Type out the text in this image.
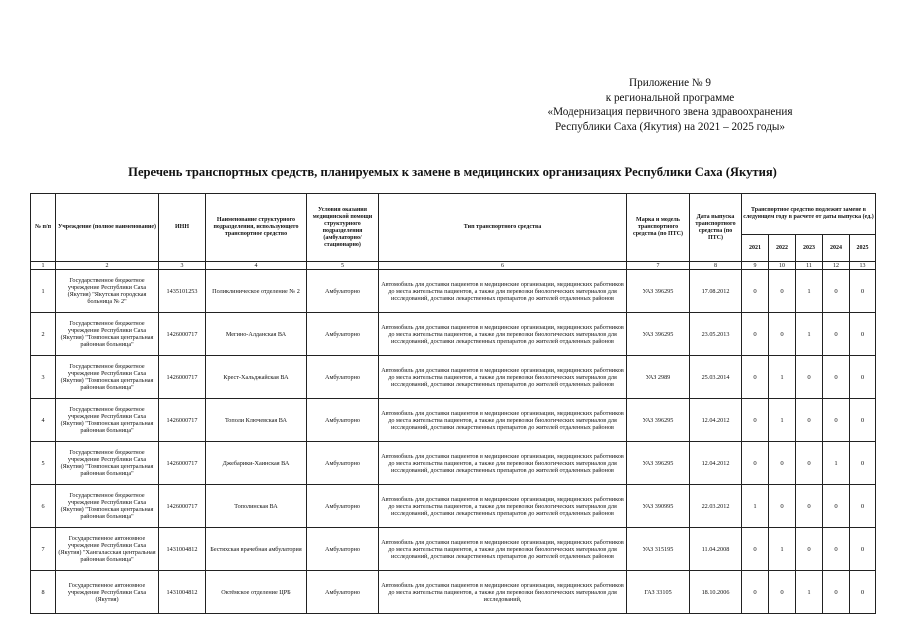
Приложение № 9
к региональной программе
«Модернизация первичного звена здравоохранения
Республики Саха (Якутия) на 2021 – 2025 годы»
Перечень транспортных средств, планируемых к замене в медицинских организациях Республики Саха (Якутия)
№ п/п	Учреждение (полное наименование)	ИНН	Наименование структурного подразделения, использующего транспортное средство	Условия оказания медицинской помощи структурного подразделения (амбулаторно/ стационарно)	Тип транспортного средства	Марка и модель транспортного средства (по ПТС)	Дата выпуска транспортного средства (по ПТС)	Транспортное средство подлежит замене в следующем году в расчете от даты выпуска (ед.)				
								2021	2022	2023	2024	2025
1	2	3	4	5	6	7	8	9	10	11	12	13
1	Государственное бюджетное учреждение Республики Саха (Якутия) "Якутская городская больница № 2"	1435101253	Поликлиническое отделение № 2	Амбулаторно	Автомобиль для доставки пациентов в медицинские организации, медицинских работников до места жительства пациентов, а также для перевозки биологических материалов для исследований, доставки лекарственных препаратов до жителей отдаленных районов	УАЗ 396295	17.08.2012	0	0	1	0	0
2	Государственное бюджетное учреждение Республики Саха (Якутия) "Томпонская центральная районная больница"	1426000717	Мегино-Алданская ВА	Амбулаторно	Автомобиль для доставки пациентов в медицинские организации, медицинских работников до места жительства пациентов, а также для перевозки биологических материалов для исследований, доставки лекарственных препаратов до жителей отдаленных районов	УАЗ 396295	23.05.2013	0	0	1	0	0
3	Государственное бюджетное учреждение Республики Саха (Якутия) "Томпонская центральная районная больница"	1426000717	Крест-Хальджайская ВА	Амбулаторно	Автомобиль для доставки пациентов в медицинские организации, медицинских работников до места жительства пациентов, а также для перевозки биологических материалов для исследований, доставки лекарственных препаратов до жителей отдаленных районов	УАЗ 2989	25.03.2014	0	1	0	0	0
4	Государственное бюджетное учреждение Республики Саха (Якутия) "Томпонская центральная районная больница"	1426000717	Тополи Ключевская ВА	Амбулаторно	Автомобиль для доставки пациентов в медицинские организации, медицинских работников до места жительства пациентов, а также для перевозки биологических материалов для исследований, доставки лекарственных препаратов до жителей отдаленных районов	УАЗ 396295	12.04.2012	0	1	0	0	0
5	Государственное бюджетное учреждение Республики Саха (Якутия) "Томпонская центральная районная больница"	1426000717	Джебарики-Хаинская ВА	Амбулаторно	Автомобиль для доставки пациентов в медицинские организации, медицинских работников до места жительства пациентов, а также для перевозки биологических материалов для исследований, доставки лекарственных препаратов до жителей отдаленных районов	УАЗ 396295	12.04.2012	0	0	0	1	0
6	Государственное бюджетное учреждение Республики Саха (Якутия) "Томпонская центральная районная больница"	1426000717	Тополинская ВА	Амбулаторно	Автомобиль для доставки пациентов в медицинские организации, медицинских работников до места жительства пациентов, а также для перевозки биологических материалов для исследований, доставки лекарственных препаратов до жителей отдаленных районов	УАЗ 390995	22.03.2012	1	0	0	0	0
7	Государственное автономное учреждение Республики Саха (Якутия) "Хангаласская центральная районная больница"	1431004812	Бестяхская врачебная амбулатория	Амбулаторно	Автомобиль для доставки пациентов в медицинские организации, медицинских работников до места жительства пациентов, а также для перевозки биологических материалов для исследований, доставки лекарственных препаратов до жителей отдаленных районов	УАЗ 315195	11.04.2008	0	1	0	0	0
8	Государственное автономное учреждение Республики Саха (Якутия)	1431004812	Октёмское отделение ЦРБ	Амбулаторно	Автомобиль для доставки пациентов в медицинские организации, медицинских работников до места жительства пациентов, а также для перевозки биологических материалов для исследований,	ГАЗ 33105	18.10.2006	0	0	1	0	0
